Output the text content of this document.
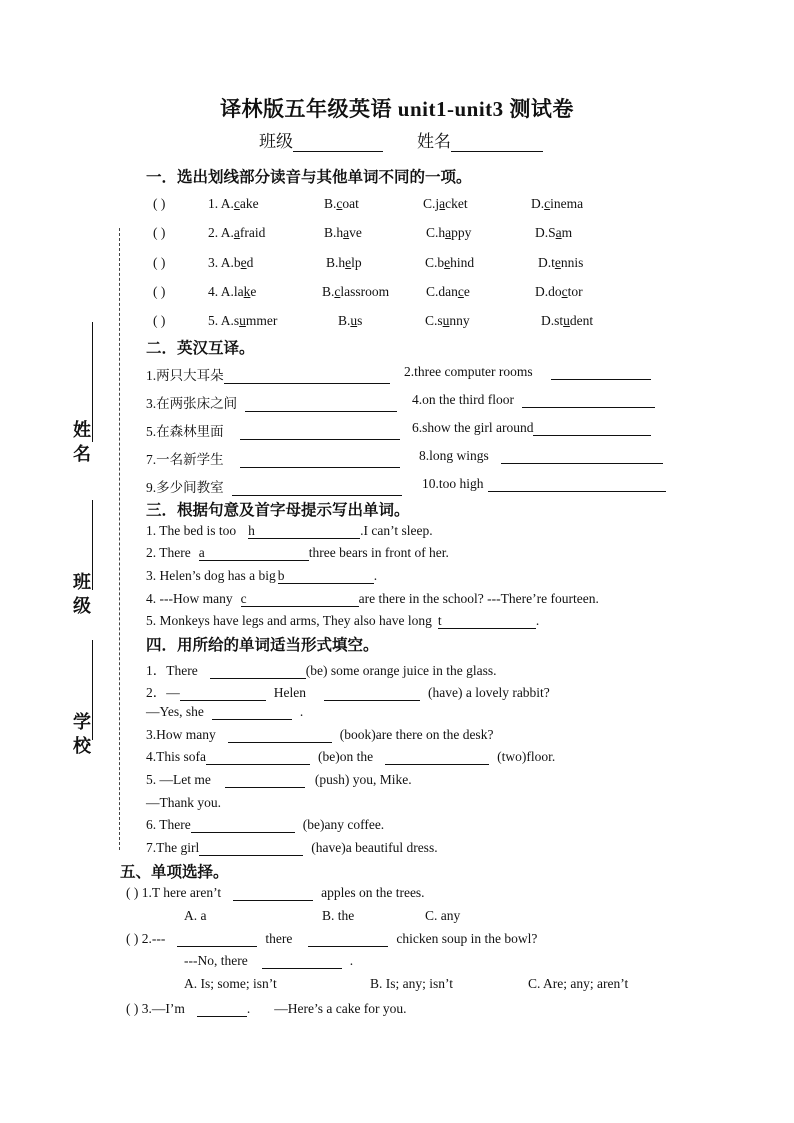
译林版五年级英语 unit1-unit3 测试卷
班级	姓名
姓名
班级
学校
一．选出划线部分读音与其他单词不同的一项。
( )	1. A.cake	B.coat	C.jacket	D.cinema
( )	2. A.afraid	B.have	C.happy	D.Sam
( )	3. A.bed	B.help	C.behind	D.tennis
( )	4. A.lake	B.classroom	C.dance	D.doctor
( )	5. A.summer	B.us	C.sunny	D.student
二．英汉互译。
1.两只大耳朵	2.three computer rooms
3.在两张床之间	4.on the third floor
5.在森林里面	6.show the girl around
7.一名新学生	8.long wings
9.多少间教室	10.too high
三．根据句意及首字母提示写出单词。
1. The bed is too h	.I can’t sleep.
2. There a	three bears in front of her.
3. Helen’s dog has a big b	.
4. ---How many c	are there in the school? ---There’re fourteen.
5. Monkeys have legs and arms, They also have long t	.
四．用所给的单词适当形式填空。
1．There	(be) some orange juice in the glass.
2．—	Helen	(have) a lovely rabbit?
—Yes, she	.
3.How many	(book)are there on the desk?
4.This sofa	(be)on the	(two)floor.
5. —Let me	(push) you, Mike.
—Thank you.
6. There	(be)any coffee.
7.The girl	(have)a beautiful dress.
五、单项选择。
( ) 1.T here aren’t	apples on the trees.
A. a	B. the	C. any
( ) 2.---	there	chicken soup in the bowl?
---No, there	.
A. Is; some; isn’t	B. Is; any; isn’t	C. Are; any; aren’t
( ) 3.—I’m	. —Here’s a cake for you.
